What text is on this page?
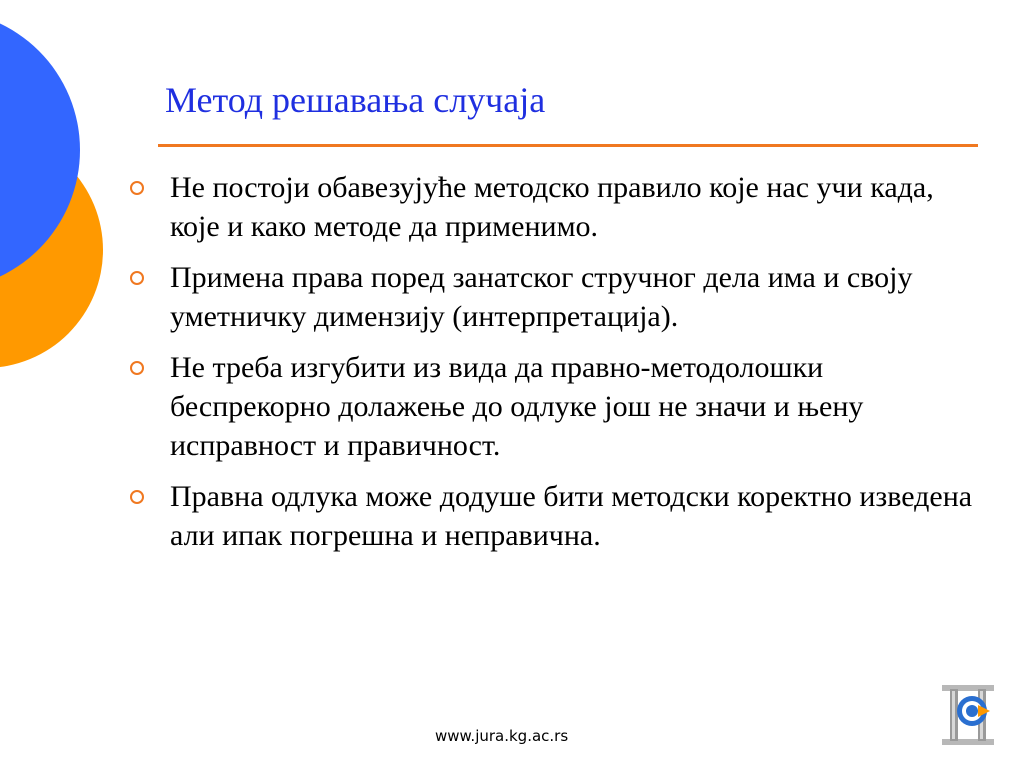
Метод решавања случаја
Не постоји обавезујуће методско правило које нас учи када, које и како методе да применимо.
Примена права поред занатског стручног дела има и своју уметничку димензију (интерпретација).
Не треба изгубити из вида да правно-методолошки беспрекорно долажење до одлуке још не значи и њену исправност и правичност.
Правна одлука може додуше бити методски коректно изведена али ипак погрешна и неправична.
www.jura.kg.ac.rs
